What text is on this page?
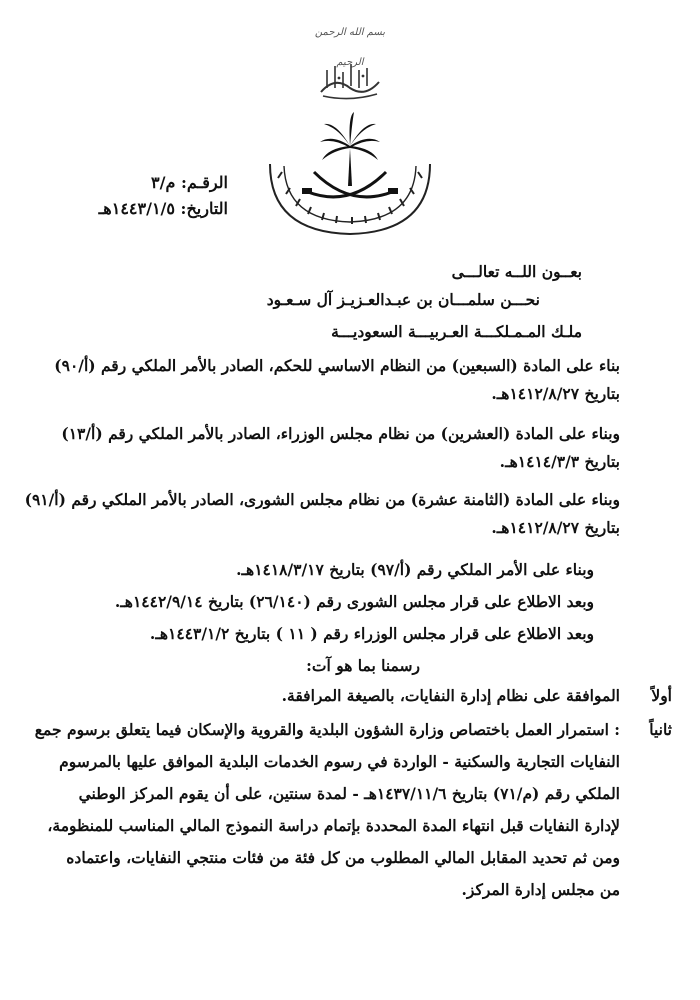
بسم الله الرحمن الرحيم
الرقـم: م/٣
التاريخ: ١٤٤٣/١/٥هـ
بعــون اللــه تعالـــى
نحـــن سلمـــان بن عبـدالعـزيـز آل سـعـود
ملـك المـمـلكـــة العـربيـــة السعوديـــة
بناء على المادة (السبعين) من النظام الاساسي للحكم، الصادر بالأمر الملكي رقم (أ/٩٠)
بتاريخ ١٤١٢/٨/٢٧هـ.
وبناء على المادة (العشرين) من نظام مجلس الوزراء، الصادر بالأمر الملكي رقم (أ/١٣)
بتاريخ ١٤١٤/٣/٣هـ.
وبناء على المادة (الثامنة عشرة) من نظام مجلس الشورى، الصادر بالأمر الملكي رقم (أ/٩١)
بتاريخ ١٤١٢/٨/٢٧هـ.
وبناء على الأمر الملكي رقم (أ/٩٧) بتاريخ ١٤١٨/٣/١٧هـ.
وبعد الاطلاع على قرار مجلس الشورى رقم (٢٦/١٤٠) بتاريخ ١٤٤٢/٩/١٤هـ.
وبعد الاطلاع على قرار مجلس الوزراء رقم ( ١١ ) بتاريخ ١٤٤٣/١/٢هـ.
رسمنا بما هو آت:
أولاً
الموافقة على نظام إدارة النفايات، بالصيغة المرافقة.
ثانياً
: استمرار العمل باختصاص وزارة الشؤون البلدية والقروية والإسكان فيما يتعلق برسوم جمع
النفايات التجارية والسكنية - الواردة في رسوم الخدمات البلدية الموافق عليها بالمرسوم
الملكي رقم (م/٧١) بتاريخ ١٤٣٧/١١/٦هـ - لمدة سنتين، على أن يقوم المركز الوطني
لإدارة النفايات قبل انتهاء المدة المحددة بإتمام دراسة النموذج المالي المناسب للمنظومة،
ومن ثم تحديد المقابل المالي المطلوب من كل فئة من فئات منتجي النفايات، واعتماده
من مجلس إدارة المركز.
